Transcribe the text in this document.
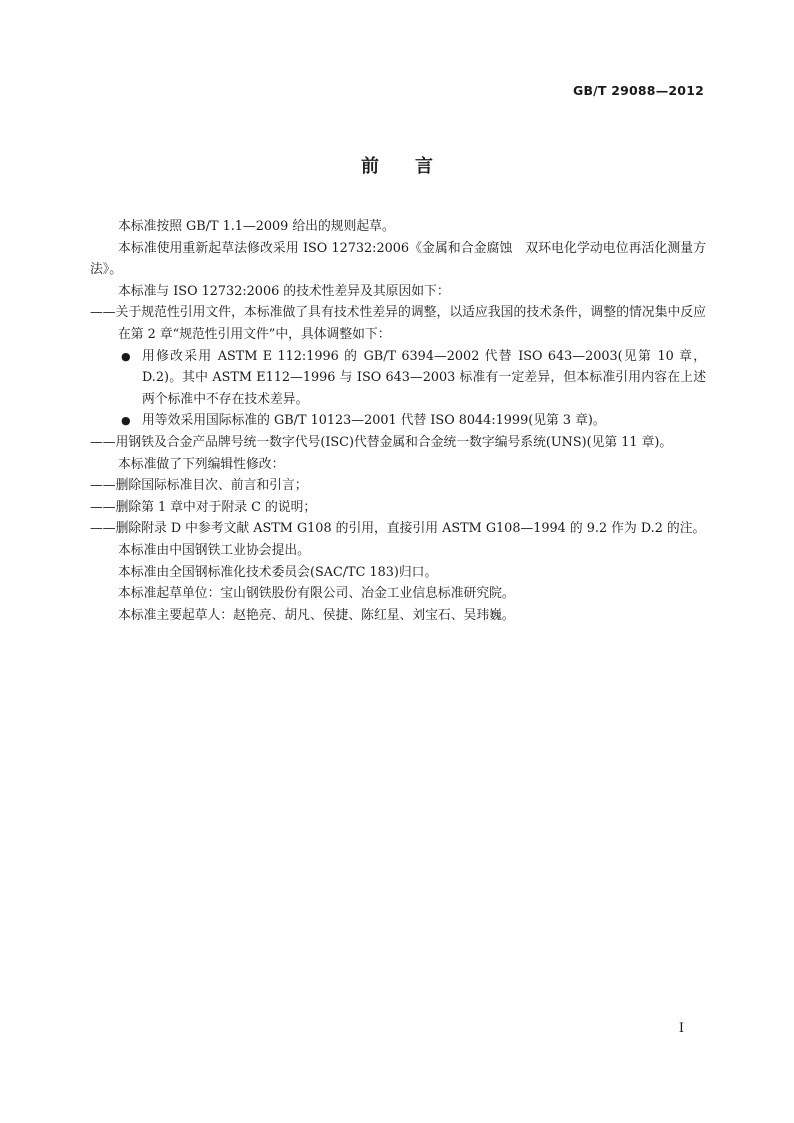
GB/T 29088—2012
前言

本标准按照 GB/T 1.1—2009 给出的规则起草。

本标准使用重新起草法修改采用 ISO 12732:2006《金属和合金腐蚀　双环电化学动电位再活化测量方法》。

本标准与 ISO 12732:2006 的技术性差异及其原因如下：

——关于规范性引用文件，本标准做了具有技术性差异的调整，以适应我国的技术条件，调整的情况集中反应在第 2 章“规范性引用文件”中，具体调整如下：

● 用修改采用 ASTM E 112:1996 的 GB/T 6394—2002 代替 ISO 643—2003(见第 10 章，D.2)。其中 ASTM E112—1996 与 ISO 643—2003 标准有一定差异，但本标准引用内容在上述两个标准中不存在技术差异。

● 用等效采用国际标准的 GB/T 10123—2001 代替 ISO 8044:1999(见第 3 章)。

——用钢铁及合金产品牌号统一数字代号(ISC)代替金属和合金统一数字编号系统(UNS)(见第 11 章)。

本标准做了下列编辑性修改：

——删除国际标准目次、前言和引言；

——删除第 1 章中对于附录 C 的说明；

——删除附录 D 中参考文献 ASTM G108 的引用，直接引用 ASTM G108—1994 的 9.2 作为 D.2 的注。

本标准由中国钢铁工业协会提出。

本标准由全国钢标准化技术委员会(SAC/TC 183)归口。

本标准起草单位：宝山钢铁股份有限公司、冶金工业信息标准研究院。

本标准主要起草人：赵艳亮、胡凡、侯捷、陈红星、刘宝石、吴玮巍。

I
